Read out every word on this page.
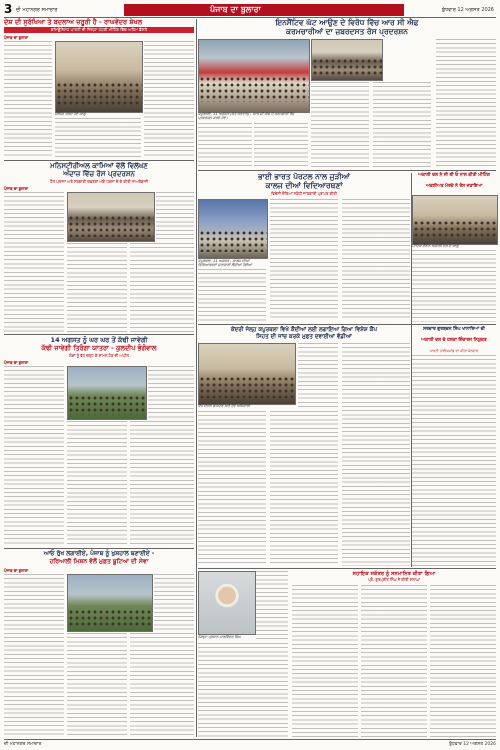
3 ਦੀ ਮਹਾਨਗਰ ਸਮਾਚਾਰ	ਪੰਜਾਬ ਦਾ ਬੁਲਾਰਾ	ਬੁੱਧਵਾਰ 12 ਅਗਸਤ 2026
ਦੇਸ਼ ਦੀ ਸੁਰੱਖਿਆ ਤੇ ਬਦਲਾਅ ਜ਼ਰੂਰੀ ਹੈ - ਰਾਘਵੇਂਦਰ ਸ਼ੇਖਲ
ਕਮਿਊਨਿਸਟ ਪਾਰਟੀ ਦੀ ਜ਼ਿਲ੍ਹਾ ਪੱਧਰੀ ਮੀਟਿੰਗ ਵਿੱਚ ਅਹਿਮ ਫ਼ੈਸਲੇ
ਪੰਜਾਬ ਦਾ ਬੁਲਾਰਾ
ਸੰਬੋਧਨ ਕਰਦੇ ਹੋਏ ਆਗੂ
ਇਨਸੈਂਟਿਵ ਘੱਟ ਆਉਣ ਦੇ ਵਿਰੋਧ ਵਿੱਚ ਆਰ ਸੀ ਐਫ
ਕਰਮਚਾਰੀਆਂ ਦਾ ਜ਼ਬਰਦਸਤ ਰੋਸ ਪ੍ਰਦਰਸ਼ਨ
ਕਪੂਰਥਲਾ, 11 ਅਗਸਤ (ਸੱਤ ਕਰਤਾਰ) : ਆਰ ਸੀ ਐਫ ਦੇ ਕਰਮਚਾਰੀ ਰੋਸ ਪ੍ਰਦਰਸ਼ਨ ਕਰਦੇ ਹੋਏ।
ਮਨਿਸਟੀਰੀਅਲ ਕਾਮਿਆਂ ਵੱਲੋਂ ਵਿਲੱਖਣ
ਅੰਦਾਜ਼ ਵਿੱਚ ਰੋਸ ਪ੍ਰਦਰਸ਼ਨ
ਟੌਲ ਪਲਾਜ਼ਾ ਅਤੇ ਸਰਕਾਰੀ ਦਫ਼ਤਰਾਂ ਅੱਗੇ ਧਰਨਾ ਦੇ ਕੇ ਕੀਤੀ ਨਾਅਰੇਬਾਜ਼ੀ
ਪੰਜਾਬ ਦਾ ਬੁਲਾਰਾ
ਭਾਈ ਭਾਰਤ ਪੋਰਟਲ ਨਾਲ ਜੁੜੀਆਂ
ਕਾਲਜ ਦੀਆਂ ਵਿਦਿਆਰਥਣਾਂ
ਵਿਦੇਸ਼ੀ ਦੌਰਿਆਂ ਸਬੰਧੀ ਜਾਣਕਾਰੀ ਪ੍ਰਾਪਤ ਕੀਤੀ
ਕਪੂਰਥਲਾ, 11 ਅਗਸਤ : ਕਾਲਜ ਦੀਆਂ ਵਿਦਿਆਰਥਣਾਂ ਜਾਣਕਾਰੀ ਲੈਂਦੀਆਂ ਹੋਈਆਂ
ਅਕਾਲੀ ਦਲ ਨੇ ਸੀ ਈ ਓ ਨਾਲ ਕੀਤੀ ਮੀਟਿੰਗ
ਅਕਲੀਅਤ ਮੋਰਚੇ ਨੇ ਰੋਸ ਜਤਾਇਆ
ਮੀਟਿੰਗ ਦੌਰਾਨ ਅਕਾਲੀ ਦਲ ਦੇ ਆਗੂ
14 ਅਗਸਤ ਨੂੰ ਘਰ ਘਰ ਤੋਂ ਕੱਢੀ ਜਾਵੇਗੀ
ਕੱਢੀ ਜਾਵੇਗੀ ਤਿਰੰਗਾ ਯਾਤਰਾ - ਕੁਲਦੀਪ ਭੰਗੋਵਾਲ
ਲੋਕਾਂ ਨੂੰ ਵੱਧ ਚੜ੍ਹ ਕੇ ਸ਼ਾਮਲ ਹੋਣ ਦੀ ਅਪੀਲ
ਪੰਜਾਬ ਦਾ ਬੁਲਾਰਾ
ਕੇਂਦਰੀ ਜੇਲ੍ਹ ਕਪੂਰਥਲਾ ਵਿਖੇ ਕੈਦੀਆਂ ਲਈ ਲਗਾਇਆ ਗਿਆ ਵਿਸ਼ੇਸ਼ ਕੈਂਪ
ਸਿਹਤ ਦੀ ਜਾਂਚ ਕਰਕੇ ਮੁਫ਼ਤ ਦਵਾਈਆਂ ਵੰਡੀਆਂ
ਕੈਂਪ ਦੌਰਾਨ ਡਾਕਟਰ ਅਤੇ ਹੋਰ ਅਧਿਕਾਰੀ
ਸਰਦਾਰ ਗੁਰਬਚਨ ਸਿੰਘ ਖਾਨਾਰਿਆਂ ਦੀ
ਅਕਾਲੀ ਦਲ ਦੇ ਹਲਕਾ ਇੰਚਾਰਜ ਨਿਯੁਕਤ
ਪਾਰਟੀ ਹਾਈਕਮਾਂਡ ਦਾ ਕੀਤਾ ਧੰਨਵਾਦ
ਆਓ ਰੁੱਖ ਲਗਾਈਏ, ਪੰਜਾਬ ਨੂੰ ਖੁਸ਼ਹਾਲ ਬਣਾਈਏ -
ਹਰਿਆਲੀ ਮਿਸ਼ਨ ਵੱਲੋਂ ਮੁਫ਼ਤ ਬੂਟਿਆਂ ਦੀ ਸੇਵਾ
ਪੰਜਾਬ ਦਾ ਬੁਲਾਰਾ
ਜ਼ਿਲ੍ਹਾ ਪ੍ਰਧਾਨ ਮਾਲਵਿੰਦਰ ਸਿੰਘ
ਸਹਾਇਕ ਸਕੱਤਰ ਨੂੰ ਸਨਮਾਨਿਤ ਕੀਤਾ ਗਿਆ
ਪ੍ਰੋ. ਗੁਰਪ੍ਰੀਤ ਸਿੰਘ ਨੇ ਕੀਤੀ ਸ਼ਲਾਘਾ
ਦੀ ਮਹਾਨਗਰ ਸਮਾਚਾਰ	ਬੁੱਧਵਾਰ 12 ਅਗਸਤ 2026
